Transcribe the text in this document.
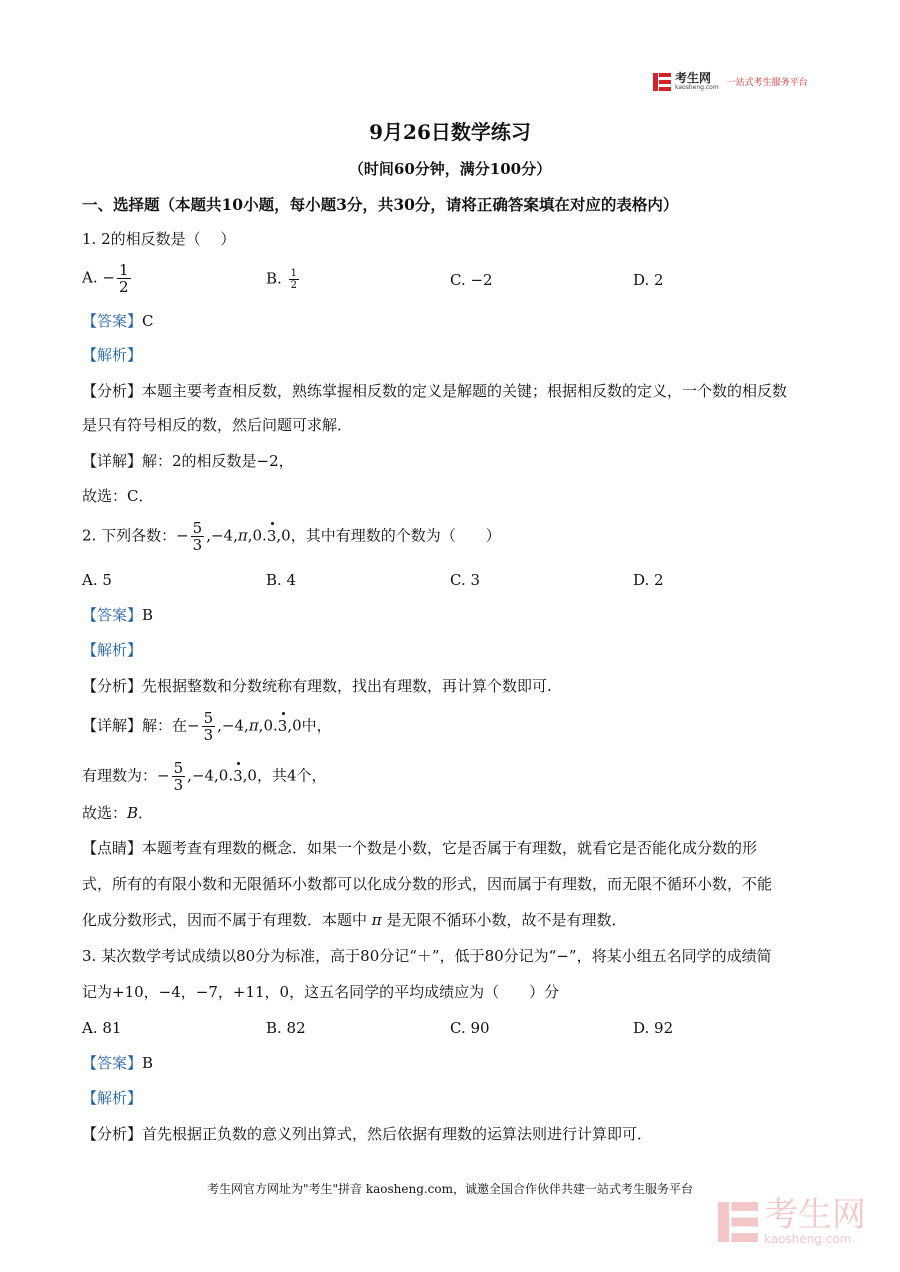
考生网
kaosheng.com 一站式考生服务平台
9月26日数学练习
（时间60分钟，满分100分）
一、选择题（本题共10小题，每小题3分，共30分，请将正确答案填在对应的表格内）
1. 2的相反数是（　 ）
A. − $\frac{1}{2}$	B. $\frac{1}{2}$	C. −2	D. 2
【答案】C
【解析】
【分析】本题主要考查相反数，熟练掌握相反数的定义是解题的关键；根据相反数的定义，一个数的相反数
是只有符号相反的数，然后问题可求解．
【详解】解：2的相反数是−2，
故选：C．
2. 下列各数：− $\frac{5}{3} ,-4,\pi,0.3,0$，其中有理数的个数为（　　）
A. 5	B. 4	C. 3	D. 2
【答案】B
【解析】
【分析】先根据整数和分数统称有理数，找出有理数，再计算个数即可.
【详解】解：在− $\frac{5}{3} ,-4,\pi,0.3,0$中，
有理数为：− $\frac{5}{3} ,-4,0.3,0$，共4个，
故选：B．
【点睛】本题考查有理数的概念．如果一个数是小数，它是否属于有理数，就看它是否能化成分数的形
式，所有的有限小数和无限循环小数都可以化成分数的形式，因而属于有理数，而无限不循环小数，不能
化成分数形式，因而不属于有理数．本题中 π 是无限不循环小数，故不是有理数．
3. 某次数学考试成绩以80分为标准，高于80分记“＋”，低于80分记为“−”，将某小组五名同学的成绩简
记为+10，−4，−7，+11，0，这五名同学的平均成绩应为（　　）分
A. 81	B. 82	C. 90	D. 92
【答案】B
【解析】
【分析】首先根据正负数的意义列出算式，然后依据有理数的运算法则进行计算即可．
考生网官方网址为"考生"拼音 kaosheng.com，诚邀全国合作伙伴共建一站式考生服务平台
考生网
kaosheng.com
